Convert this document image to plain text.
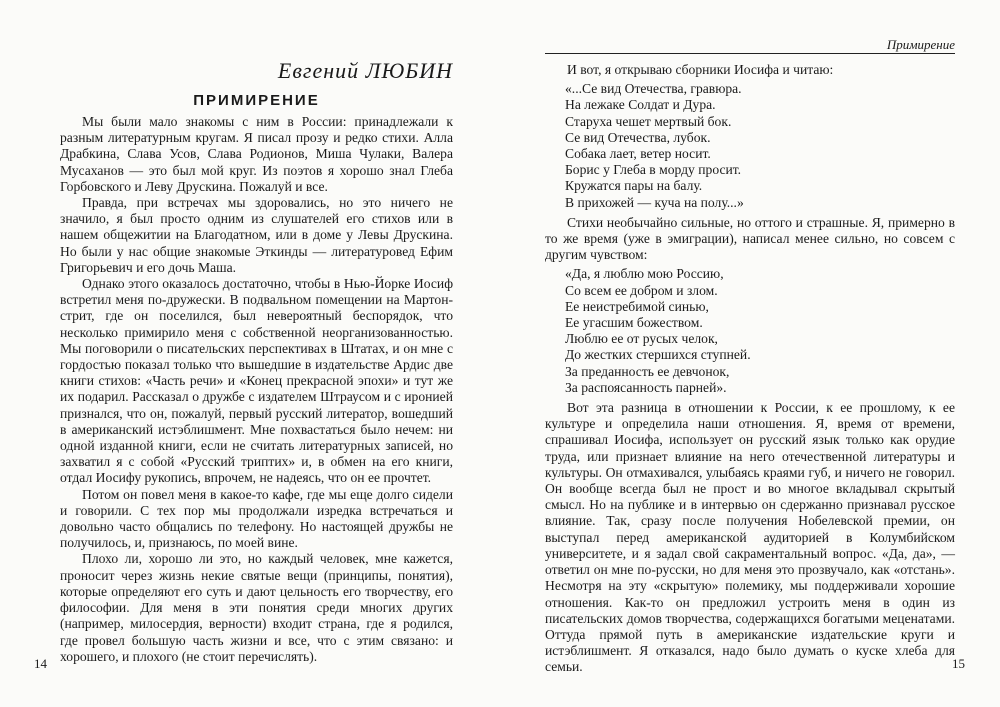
Евгений ЛЮБИН
ПРИМИРЕНИЕ

Мы были мало знакомы с ним в России: принадлежали к разным литературным кругам. Я писал прозу и редко стихи. Алла Драбкина, Слава Усов, Слава Родионов, Миша Чулаки, Валера Мусаханов — это был мой круг. Из поэтов я хорошо знал Глеба Горбовского и Леву Друскина. Пожалуй и все.

Правда, при встречах мы здоровались, но это ничего не значило, я был просто одним из слушателей его стихов или в нашем общежитии на Благодатном, или в доме у Левы Друскина. Но были у нас общие знакомые Эткинды — литературовед Ефим Григорьевич и его дочь Маша.

Однако этого оказалось достаточно, чтобы в Нью-Йорке Иосиф встретил меня по-дружески. В подвальном помещении на Мартон-стрит, где он поселился, был невероятный беспорядок, что несколько примирило меня с собственной неорганизованностью. Мы поговорили о писательских перспективах в Штатах, и он мне с гордостью показал только что вышедшие в издательстве Ардис две книги стихов: «Часть речи» и «Конец прекрасной эпохи» и тут же их подарил. Рассказал о дружбе с издателем Штраусом и с иронией признался, что он, пожалуй, первый русский литератор, вошедший в американский истэблишмент. Мне похвастаться было нечем: ни одной изданной книги, если не считать литературных записей, но захватил я с собой «Русский триптих» и, в обмен на его книги, отдал Иосифу рукопись, впрочем, не надеясь, что он ее прочтет.

Потом он повел меня в какое-то кафе, где мы еще долго сидели и говорили. С тех пор мы продолжали изредка встречаться и довольно часто общались по телефону. Но настоящей дружбы не получилось, и, признаюсь, по моей вине.

Плохо ли, хорошо ли это, но каждый человек, мне кажется, проносит через жизнь некие святые вещи (принципы, понятия), которые определяют его суть и дают цельность его творчеству, его философии. Для меня в эти понятия среди многих других (например, милосердия, верности) входит страна, где я родился, где провел большую часть жизни и все, что с этим связано: и хорошего, и плохого (не стоит перечислять).

14
Примирение

И вот, я открываю сборники Иосифа и читаю:

«...Се вид Отечества, гравюра.
На лежаке Солдат и Дура.
Старуха чешет мертвый бок.
Се вид Отечества, лубок.
Собака лает, ветер носит.
Борис у Глеба в морду просит.
Кружатся пары на балу.
В прихожей — куча на полу...»

Стихи необычайно сильные, но оттого и страшные. Я, примерно в то же время (уже в эмиграции), написал менее сильно, но совсем с другим чувством:

«Да, я люблю мою Россию,
Со всем ее добром и злом.
Ее неистребимой синью,
Ее угасшим божеством.
Люблю ее от русых челок,
До жестких стершихся ступней.
За преданность ее девчонок,
За распоясанность парней».

Вот эта разница в отношении к России, к ее прошлому, к ее культуре и определила наши отношения. Я, время от времени, спрашивал Иосифа, использует он русский язык только как орудие труда, или признает влияние на него отечественной литературы и культуры. Он отмахивался, улыбаясь краями губ, и ничего не говорил. Он вообще всегда был не прост и во многое вкладывал скрытый смысл. Но на публике и в интервью он сдержанно признавал русское влияние. Так, сразу после получения Нобелевской премии, он выступал перед американской аудиторией в Колумбийском университете, и я задал свой сакраментальный вопрос. «Да, да», — ответил он мне по-русски, но для меня это прозвучало, как «отстань». Несмотря на эту «скрытую» полемику, мы поддерживали хорошие отношения. Как-то он предложил устроить меня в один из писательских домов творчества, содержащихся богатыми меценатами. Оттуда прямой путь в американские издательские круги и истэблишмент. Я отказался, надо было думать о куске хлеба для семьи.	15
